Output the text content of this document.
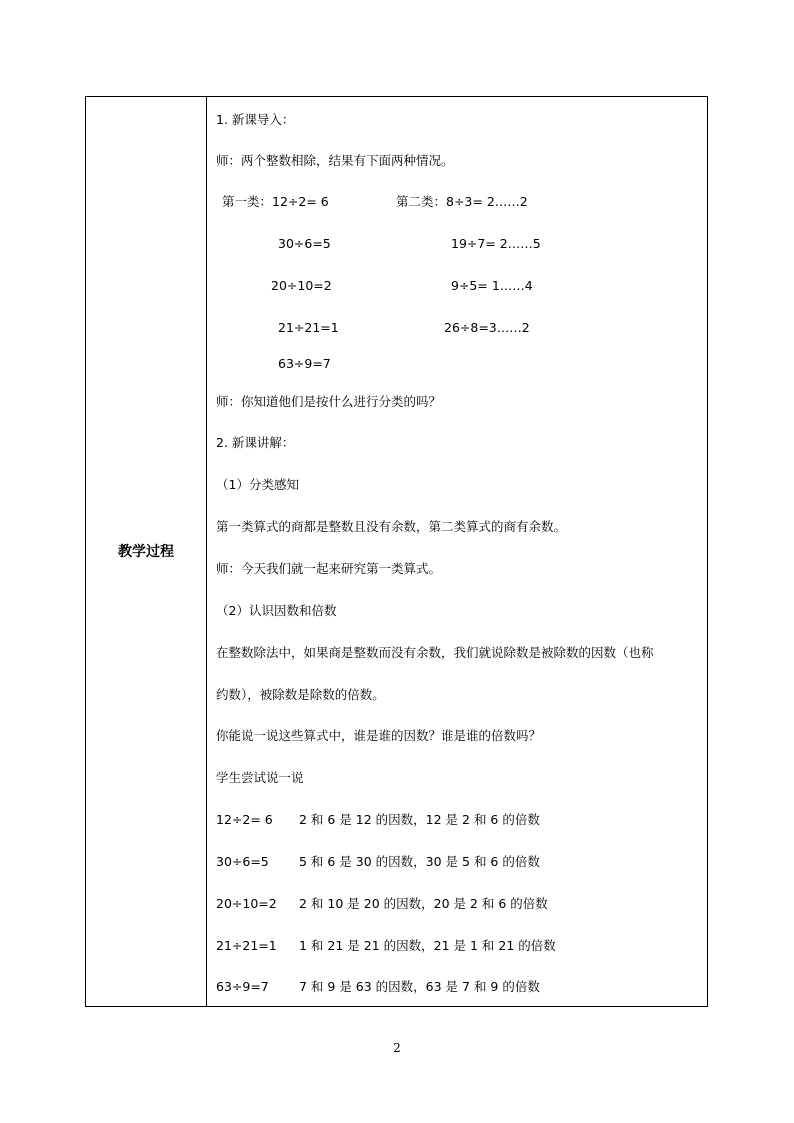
教学过程
1. 新课导入：
师：两个整数相除，结果有下面两种情况。
第一类：12÷2= 6	第二类：8÷3= 2……2
30÷6=5	19÷7= 2……5
20÷10=2	9÷5= 1……4
21÷21=1	26÷8=3……2
63÷9=7
师：你知道他们是按什么进行分类的吗？
2. 新课讲解：
（1）分类感知
第一类算式的商都是整数且没有余数，第二类算式的商有余数。
师：今天我们就一起来研究第一类算式。
（2）认识因数和倍数
在整数除法中，如果商是整数而没有余数，我们就说除数是被除数的因数（也称
约数），被除数是除数的倍数。
你能说一说这些算式中，谁是谁的因数？谁是谁的倍数吗？
学生尝试说一说
12÷2= 6 2 和 6 是 12 的因数，12 是 2 和 6 的倍数
30÷6=5 5 和 6 是 30 的因数，30 是 5 和 6 的倍数
20÷10=2 2 和 10 是 20 的因数，20 是 2 和 6 的倍数
21÷21=1 1 和 21 是 21 的因数，21 是 1 和 21 的倍数
63÷9=7 7 和 9 是 63 的因数，63 是 7 和 9 的倍数
2
